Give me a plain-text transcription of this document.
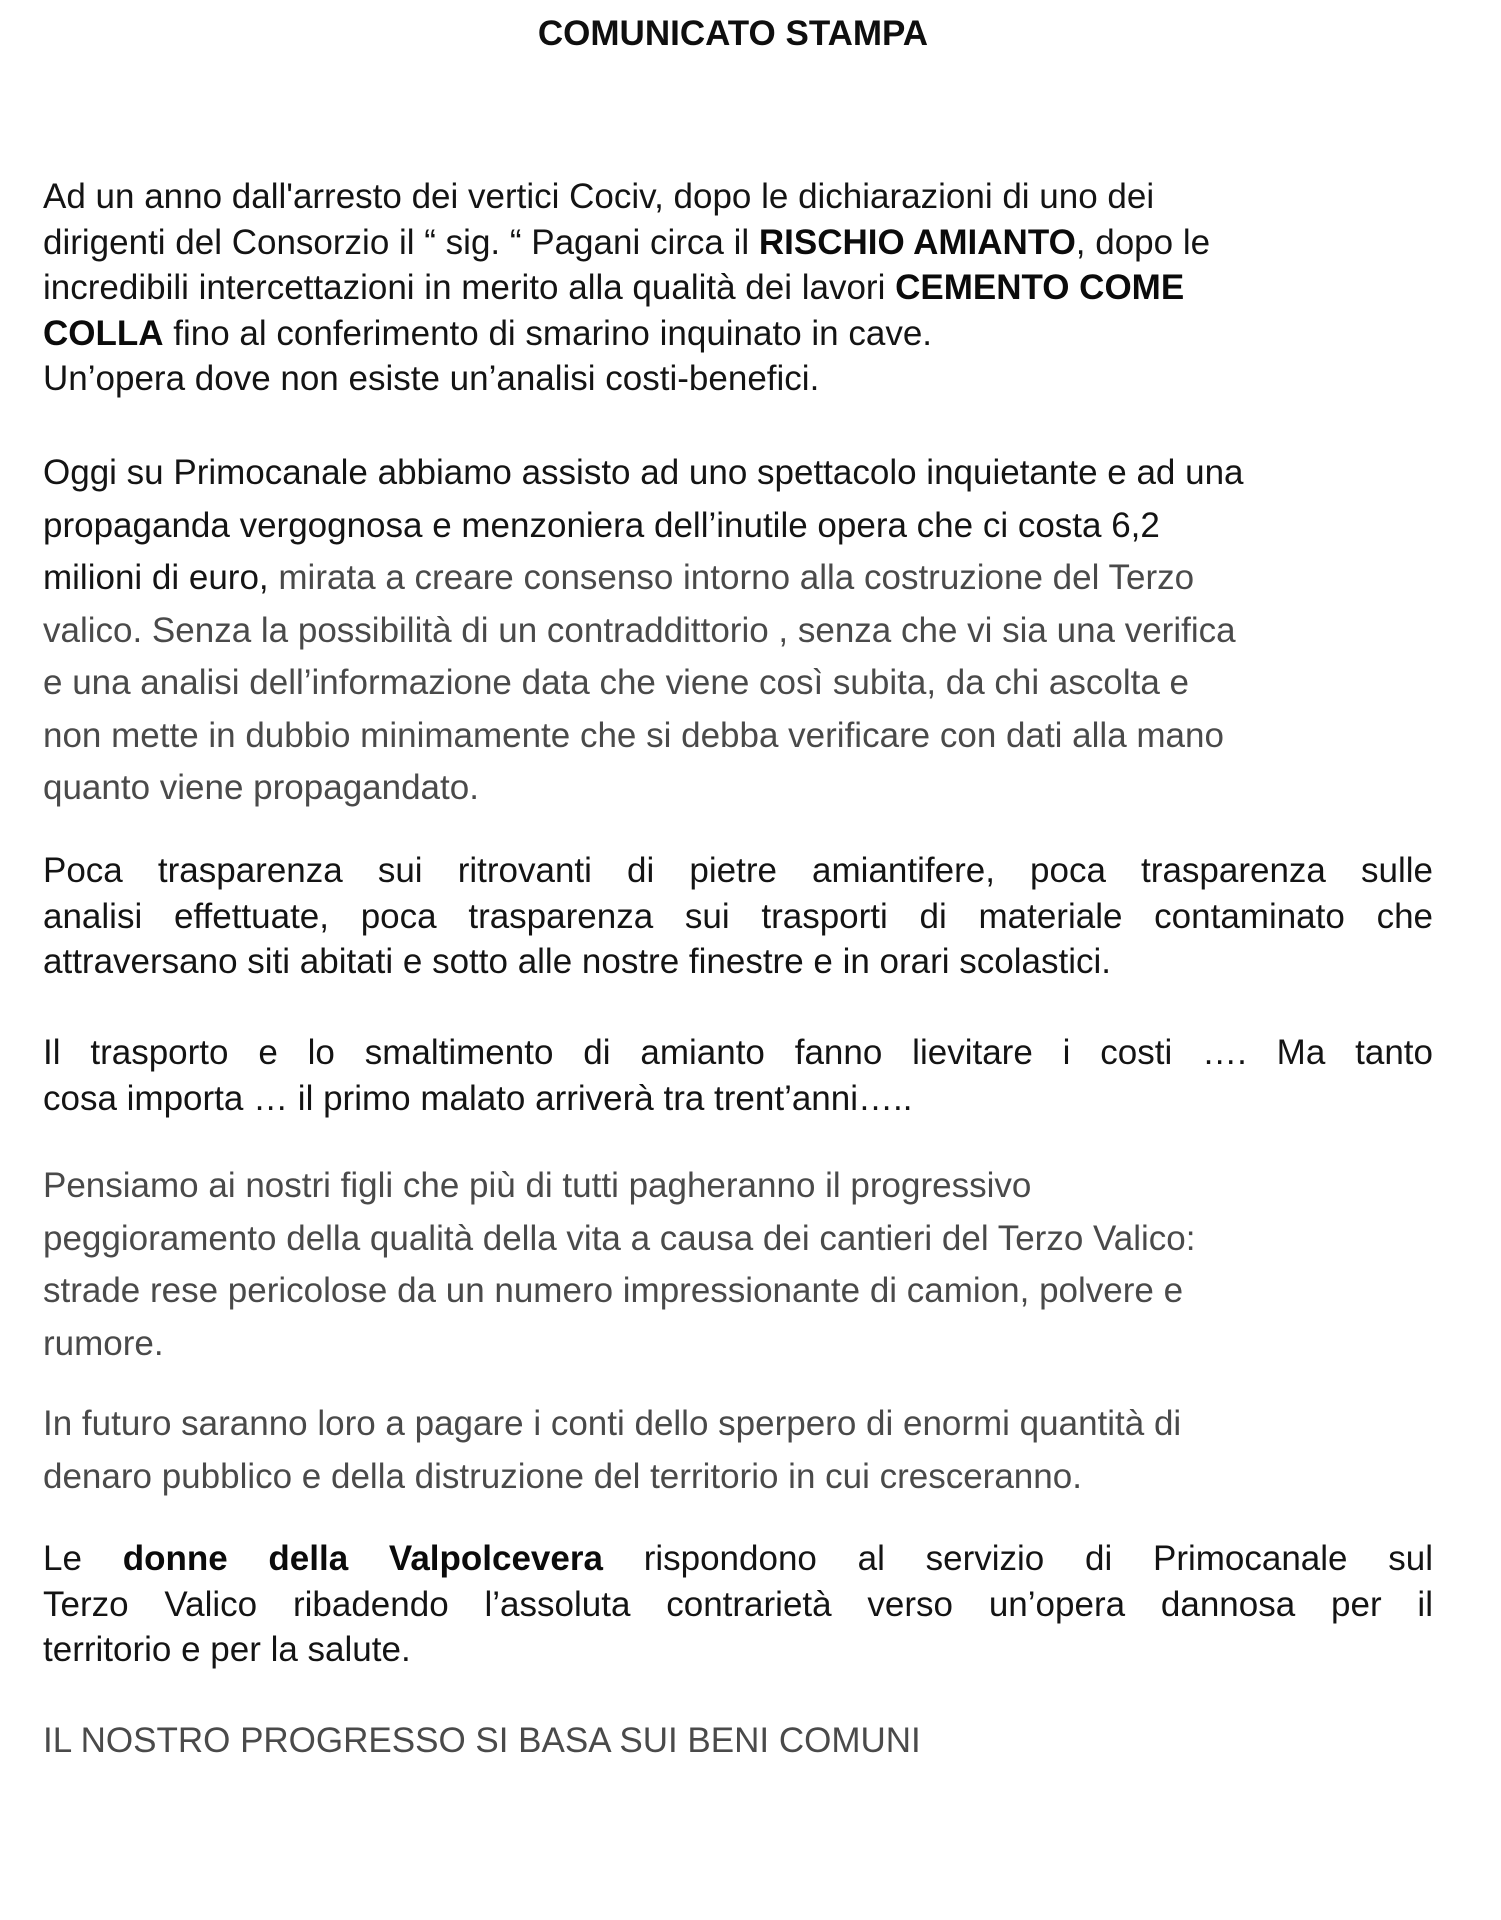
COMUNICATO STAMPA
Ad un anno dall'arresto dei vertici Cociv, dopo le dichiarazioni di uno dei
dirigenti del Consorzio il “ sig. “ Pagani circa il RISCHIO AMIANTO, dopo le
incredibili intercettazioni in merito alla qualità dei lavori CEMENTO COME
COLLA fino al conferimento di smarino inquinato in cave.
Un’opera dove non esiste un’analisi costi-benefici.
Oggi su Primocanale abbiamo assisto ad uno spettacolo inquietante e ad una
propaganda vergognosa e menzoniera dell’inutile opera che ci costa 6,2
milioni di euro, mirata a creare consenso intorno alla costruzione del Terzo
valico. Senza la possibilità di un contraddittorio , senza che vi sia una verifica
e una analisi dell’informazione data che viene così subita, da chi ascolta e
non mette in dubbio minimamente che si debba verificare con dati alla mano
quanto viene propagandato.
Poca trasparenza sui ritrovanti di pietre amiantifere, poca trasparenza sulle
analisi effettuate, poca trasparenza sui trasporti di materiale contaminato che
attraversano siti abitati e sotto alle nostre finestre e in orari scolastici.
Il trasporto e lo smaltimento di amianto fanno lievitare i costi …. Ma tanto
cosa importa … il primo malato arriverà tra trent’anni…..
Pensiamo ai nostri figli che più di tutti pagheranno il progressivo
peggioramento della qualità della vita a causa dei cantieri del Terzo Valico:
strade rese pericolose da un numero impressionante di camion, polvere e
rumore.
In futuro saranno loro a pagare i conti dello sperpero di enormi quantità di
denaro pubblico e della distruzione del territorio in cui cresceranno.
Le donne della Valpolcevera rispondono al servizio di Primocanale sul
Terzo Valico ribadendo l’assoluta contrarietà verso un’opera dannosa per il
territorio e per la salute.
IL NOSTRO PROGRESSO SI BASA SUI BENI COMUNI
